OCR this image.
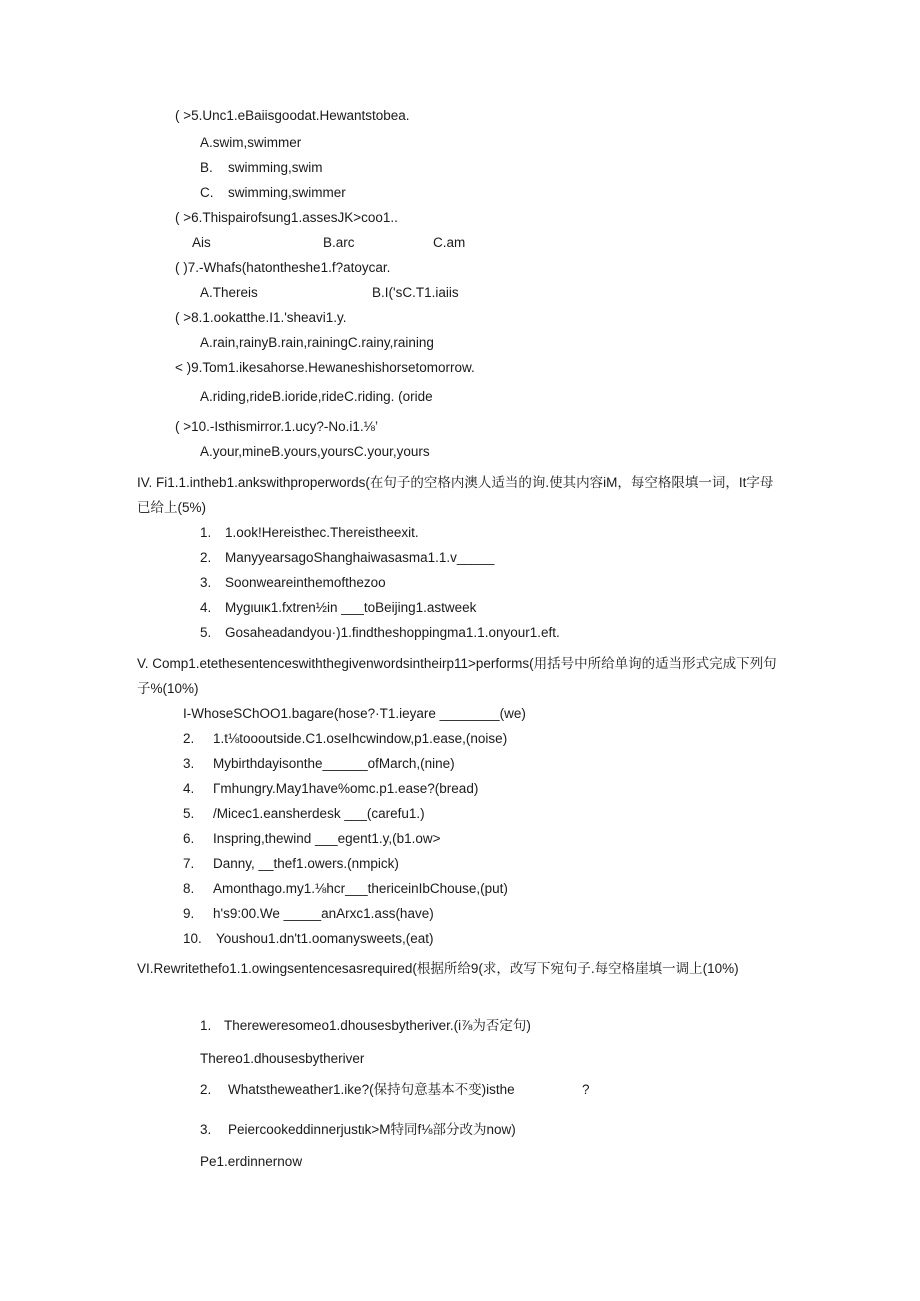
( >5.Unc1.eBaiisgoodat.Hewantstobea.
A.swim,swimmer
B. swimming,swim
C. swimming,swimmer
( >6.Thispairofsung1.assesJK>coo1..
Ais	B.arc	C.am
( )7.-Whafs(hatonthe​she1.f?atoycar.
A.Thereis	B.I('sC.T1.iaiis
( >8.1.ookatthe.I1.'sheavi1.y.
A.rain,rainyB.rain,rainingC.rainy,raining
< )9.Tom1.ikesahorse.Hewaneshishorsetomorrow.
A.riding,rideB.ioride,rideC.riding. (oride
( >10.-Isthismirror.1.ucy?-No.i1.⅛’
A.your,mineB.yours,yoursC.your,yours
IV. Fi1.1.inthe​b1.ankswithproperwords(在句子的空格内澳人适当的询.使其内容iM，每空格限填一词，It字母已给上(5%)
1. 1.ook!Hereisthec.Thereistheexit.
2. ManyyearsagoShanghaiwasasma1.1.v_____
3. Soonweareinthemofthezoo
4. Mygιuικ1.fxtren½in ___toBeijing1.astweek
5. Gosaheadandyou·)1.findtheshoppingma1.1.onyour1.eft.
V. Comp1.etethesentenceswiththegivenwordsintheirp11>performs(用括号中所给单询的适当形式完成下列句子%(10%)
I-WhoseSChOO1.bagare(hose?·T1.ieyare ________(we)
2. 1.t⅛toooutside.C1.oseIhcwindow,p1.ease,(noise)
3. Mybirthdayisonthe______ofMarch,(nine)
4. Γmhungry.May1have%omc.p1.ease?(bread)
5. /Micec1.eansherdesk ___(carefu1.)
6. Inspring,thewind ___egent1.y,(b1.ow>
7. Danny, __thef1.owers.(nmpick)
8. Amonthago.my1.⅛hcr___thericeinIbChouse,(put)
9. h's9:00.We _____anArxc1.ass(have)
10. Youshou1.dn't1.oomanysweets,(eat)
VI.Rewritethefo1.1.owingsentencesasrequired(根据所给9(求，改写下宛句子.每空格崖填一调上(10%)
1. Therewere​someo1.dhousesbytheriver.(i⅞为否定句)
Thereo1.dhousesbytheriver
2. Whatstheweather1.ike?(保持句意基本不变)isthe	?
3. Peiercookeddinnerjustιk>M特同f⅛部分改为now)
Pe1.erdinnernow
